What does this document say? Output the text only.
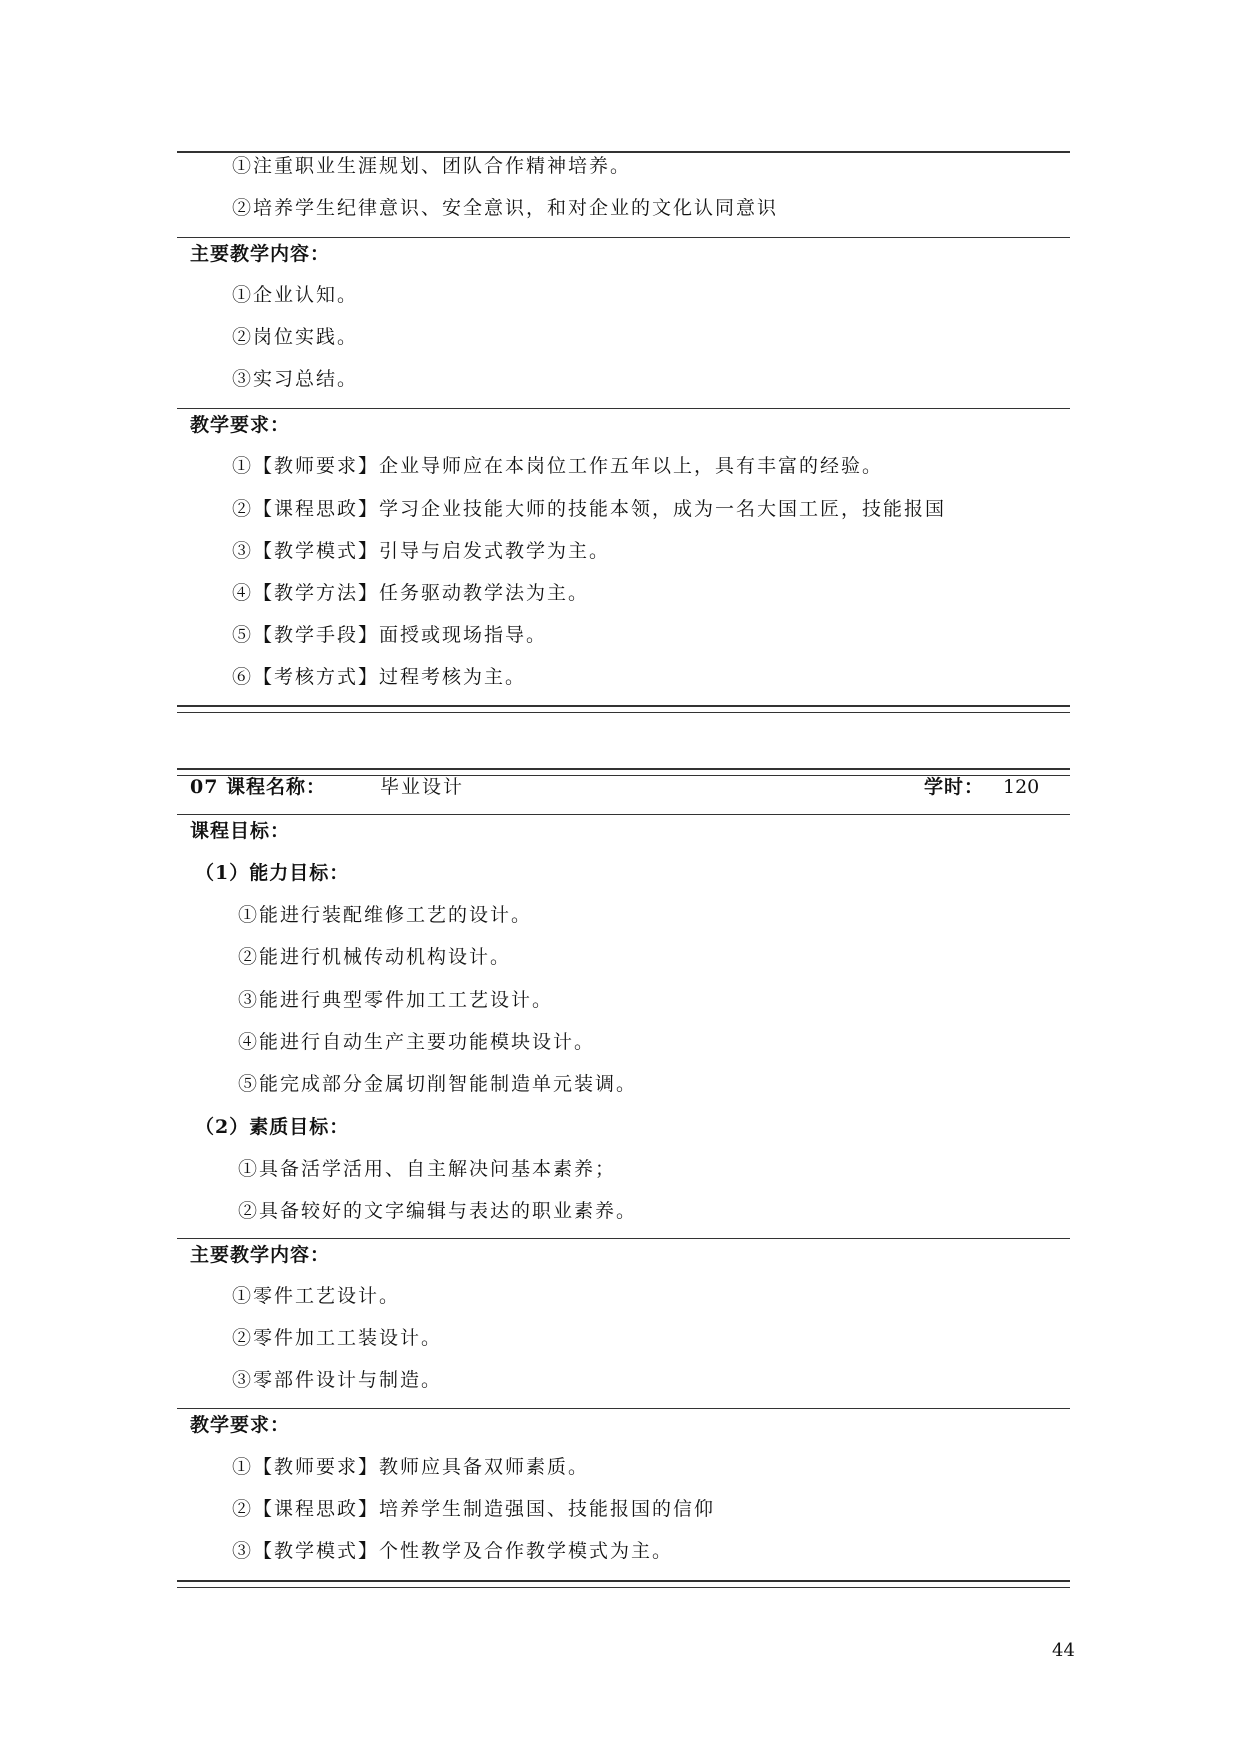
①注重职业生涯规划、团队合作精神培养。
②培养学生纪律意识、安全意识，和对企业的文化认同意识
主要教学内容：
①企业认知。
②岗位实践。
③实习总结。
教学要求：
①【教师要求】企业导师应在本岗位工作五年以上，具有丰富的经验。
②【课程思政】学习企业技能大师的技能本领，成为一名大国工匠，技能报国
③【教学模式】引导与启发式教学为主。
④【教学方法】任务驱动教学法为主。
⑤【教学手段】面授或现场指导。
⑥【考核方式】过程考核为主。
07 课程名称：	毕业设计	学时： 120
课程目标：
（1）能力目标：
①能进行装配维修工艺的设计。
②能进行机械传动机构设计。
③能进行典型零件加工工艺设计。
④能进行自动生产主要功能模块设计。
⑤能完成部分金属切削智能制造单元装调。
（2）素质目标：
①具备活学活用、自主解决问基本素养；
②具备较好的文字编辑与表达的职业素养。
主要教学内容：
①零件工艺设计。
②零件加工工装设计。
③零部件设计与制造。
教学要求：
①【教师要求】教师应具备双师素质。
②【课程思政】培养学生制造强国、技能报国的信仰
③【教学模式】个性教学及合作教学模式为主。
44
